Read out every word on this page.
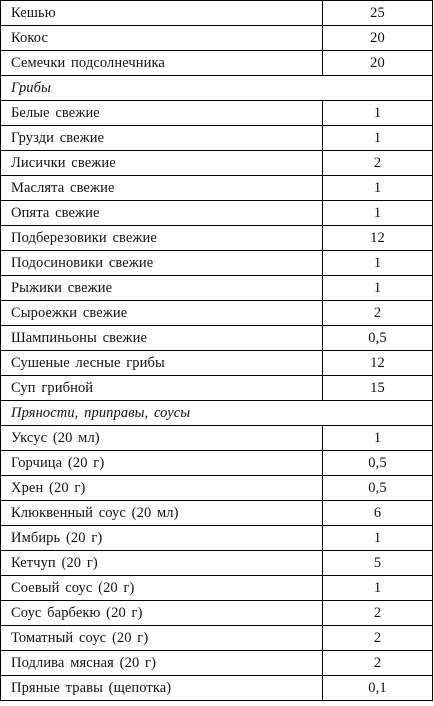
Кешью	25
Кокос	20
Семечки подсолнечника	20
Грибы	
Белые свежие	1
Грузди свежие	1
Лисички свежие	2
Маслята свежие	1
Опята свежие	1
Подберезовики свежие	12
Подосиновики свежие	1
Рыжики свежие	1
Сыроежки свежие	2
Шампиньоны свежие	0,5
Сушеные лесные грибы	12
Суп грибной	15
Пряности, приправы, соусы	
Уксус (20 мл)	1
Горчица (20 г)	0,5
Хрен (20 г)	0,5
Клюквенный соус (20 мл)	6
Имбирь (20 г)	1
Кетчуп (20 г)	5
Соевый соус (20 г)	1
Соус барбекю (20 г)	2
Томатный соус (20 г)	2
Подлива мясная (20 г)	2
Пряные травы (щепотка)	0,1
